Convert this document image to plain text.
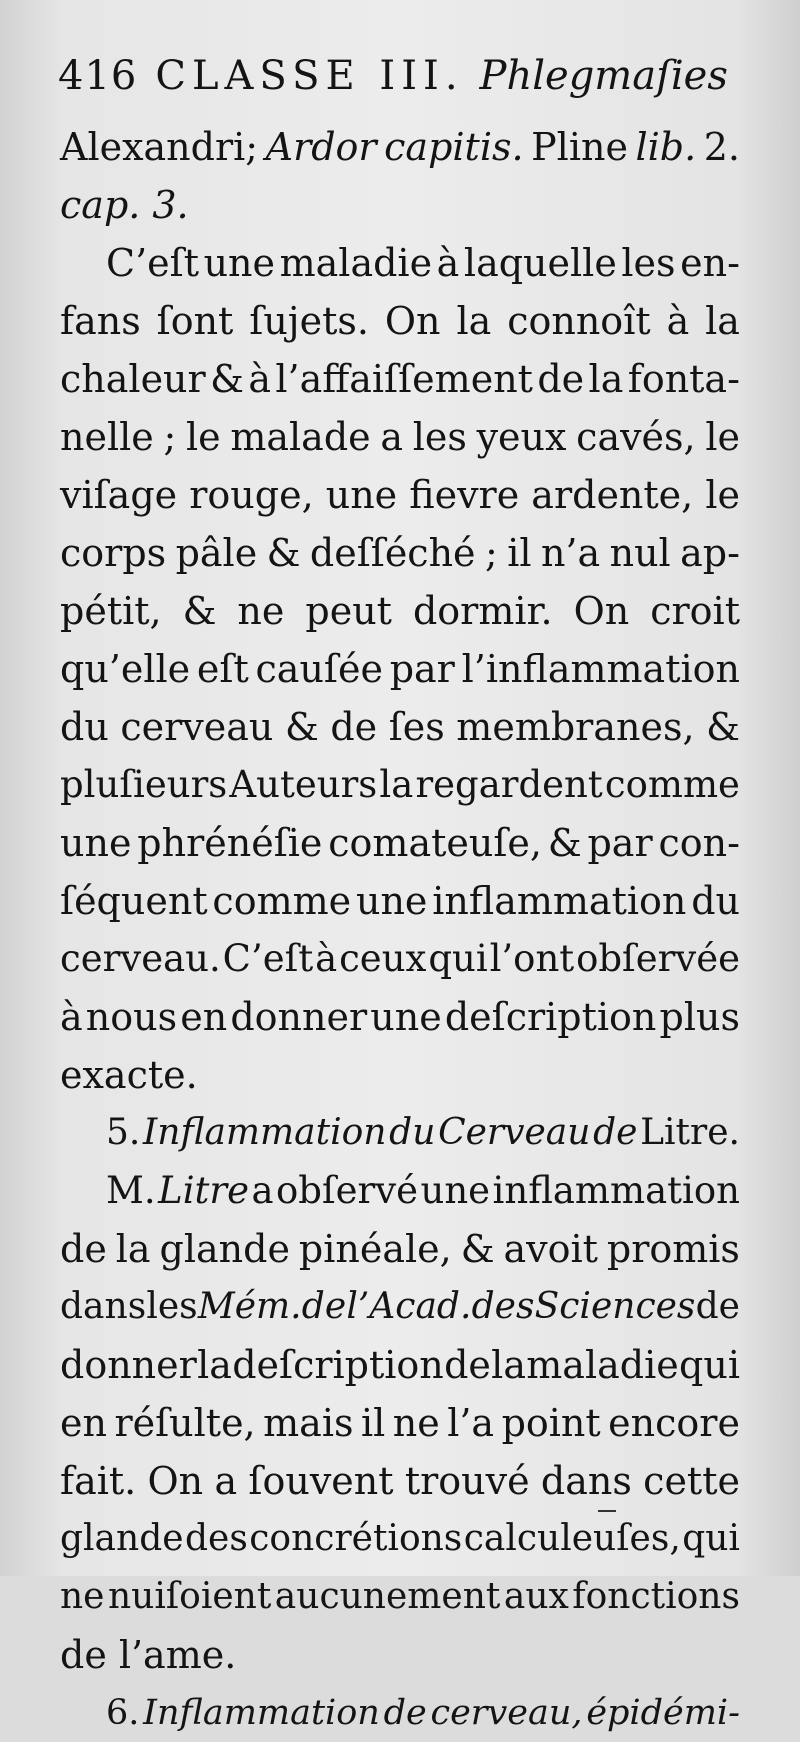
416 CLASSE III. Phlegmaſies
Alexandri; Ardor capitis. Pline lib. 2.
cap. 3.
C’eſt une maladie à laquelle les en-
fans ſont ſujets. On la connoît à la
chaleur & à l’affaiſſement de la fonta-
nelle ; le malade a les yeux cavés, le
viſage rouge, une fievre ardente, le
corps pâle & deſſéché ; il n’a nul ap-
pétit, & ne peut dormir. On croit
qu’elle eſt cauſée par l’inflammation
du cerveau & de ſes membranes, &
pluſieurs Auteurs la regardent comme
une phrénéſie comateuſe, & par con-
ſéquent comme une inflammation du
cerveau. C’eſt à ceux qui l’ont obſervée
à nous en donner une deſcription plus
exacte.
5. Inflammation du Cerveau de Litre.
M. Litre a obſervé une inflammation
de la glande pinéale, & avoit promis
dans les Mém. de l’Acad. des Sciences de
donner la deſcription de la maladie qui
en réſulte, mais il ne l’a point encore
fait. On a ſouvent trouvé dans cette
glande des concrétions calculeuſes, qui
ne nuiſoient aucunement aux fonctions
de l’ame.
6. Inflammation de cerveau, épidémi-
